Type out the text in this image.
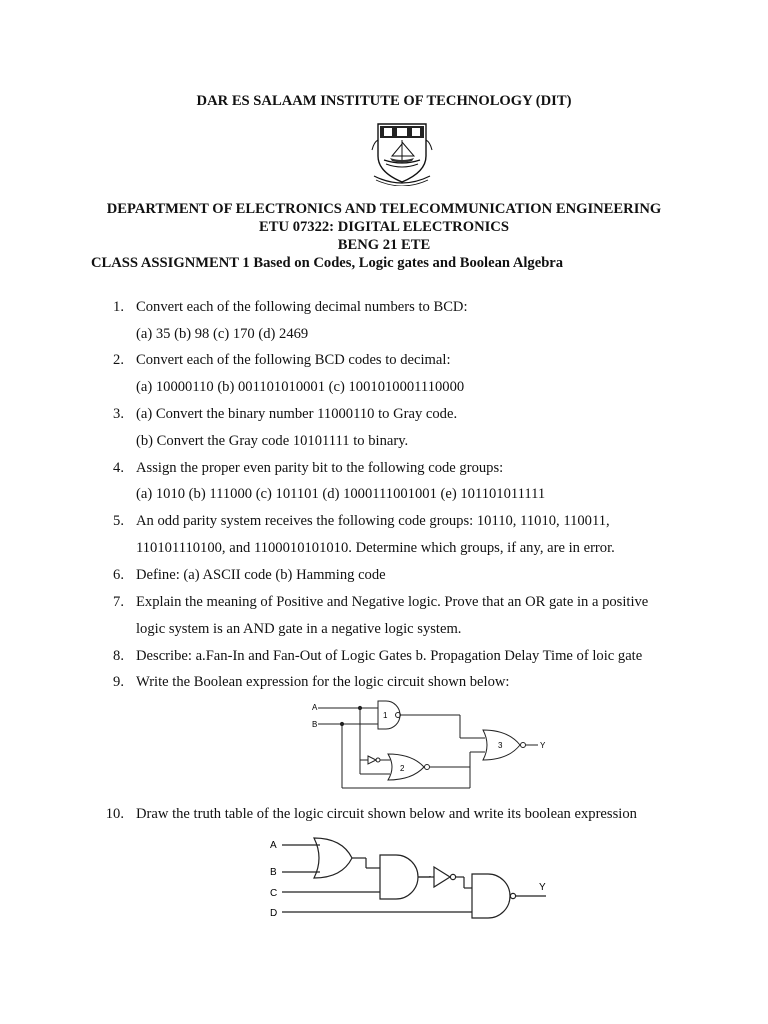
DAR ES SALAAM INSTITUTE OF TECHNOLOGY (DIT)
DEPARTMENT OF ELECTRONICS AND TELECOMMUNICATION ENGINEERING
ETU 07322: DIGITAL ELECTRONICS
BENG 21 ETE
CLASS ASSIGNMENT 1 Based on Codes, Logic gates and Boolean Algebra
1. Convert each of the following decimal numbers to BCD:
(a) 35 (b) 98 (c) 170 (d) 2469
2. Convert each of the following BCD codes to decimal:
(a) 10000110 (b) 001101010001 (c) 1001010001110000
3. (a) Convert the binary number 11000110 to Gray code.
(b) Convert the Gray code 10101111 to binary.
4. Assign the proper even parity bit to the following code groups:
(a) 1010 (b) 111000 (c) 101101 (d) 1000111001001 (e) 101101011111
5. An odd parity system receives the following code groups: 10110, 11010, 110011,
110101110100, and 1100010101010. Determine which groups, if any, are in error.
6. Define: (a) ASCII code (b) Hamming code
7. Explain the meaning of Positive and Negative logic. Prove that an OR gate in a positive
logic system is an AND gate in a negative logic system.
8. Describe: a.Fan-In and Fan-Out of Logic Gates b. Propagation Delay Time of loic gate
9. Write the Boolean expression for the logic circuit shown below:
10. Draw the truth table of the logic circuit shown below and write its boolean expression
A
B
1
2
3	Y
A
B
C
D
Y
